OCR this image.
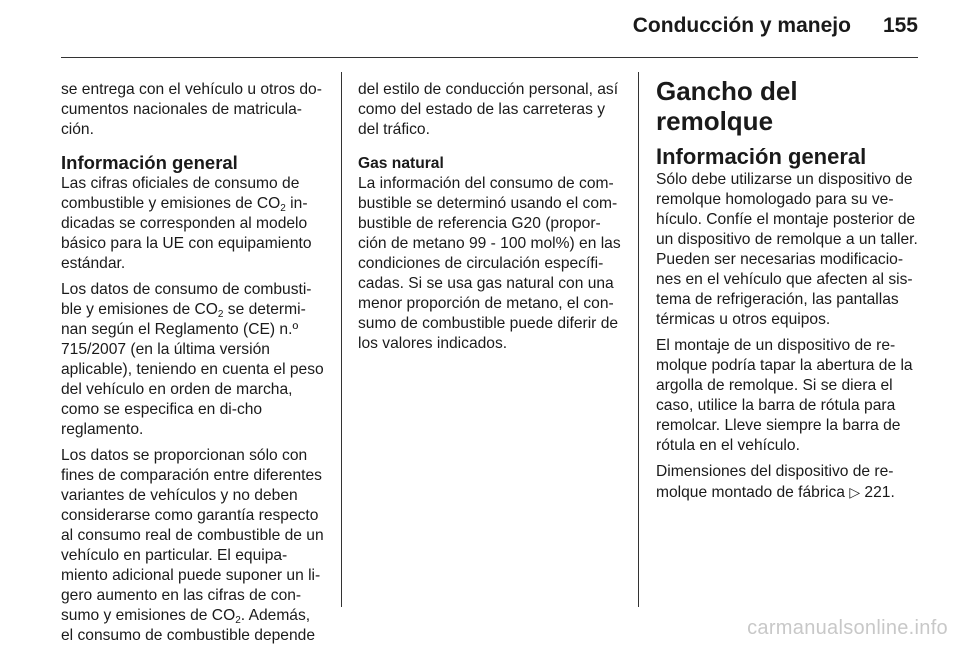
Conducción y manejo 155

se entrega con el vehículo u otros do-cumentos nacionales de matricula-ción.

Información general

Las cifras oficiales de consumo de combustible y emisiones de $CO_2$ in-dicadas se corresponden al modelo básico para la UE con equipamiento estándar.

Los datos de consumo de combusti-ble y emisiones de $CO_2$ se determi-nan según el Reglamento (CE) n.º 715/2007 (en la última versión aplicable), teniendo en cuenta el peso del vehículo en orden de marcha, como se especifica en di-cho reglamento.

Los datos se proporcionan sólo con fines de comparación entre diferentes variantes de vehículos y no deben considerarse como garantía respecto al consumo real de combustible de un vehículo en particular. El equipa-miento adicional puede suponer un li-gero aumento en las cifras de con-sumo y emisiones de $CO_2$. Además, el consumo de combustible depende

del estilo de conducción personal, así como del estado de las carreteras y del tráfico.

Gas natural

La información del consumo de com-bustible se determinó usando el com-bustible de referencia G20 (propor-ción de metano 99 - 100 mol%) en las condiciones de circulación específi-cadas. Si se usa gas natural con una menor proporción de metano, el con-sumo de combustible puede diferir de los valores indicados.

Gancho del remolque
Información general

Sólo debe utilizarse un dispositivo de remolque homologado para su ve-hículo. Confíe el montaje posterior de un dispositivo de remolque a un taller. Pueden ser necesarias modificacio-nes en el vehículo que afecten al sis-tema de refrigeración, las pantallas térmicas u otros equipos.

El montaje de un dispositivo de re-molque podría tapar la abertura de la argolla de remolque. Si se diera el caso, utilice la barra de rótula para remolcar. Lleve siempre la barra de rótula en el vehículo.

Dimensiones del dispositivo de re-molque montado de fábrica ▷ 221.

carmanualsonline.info
